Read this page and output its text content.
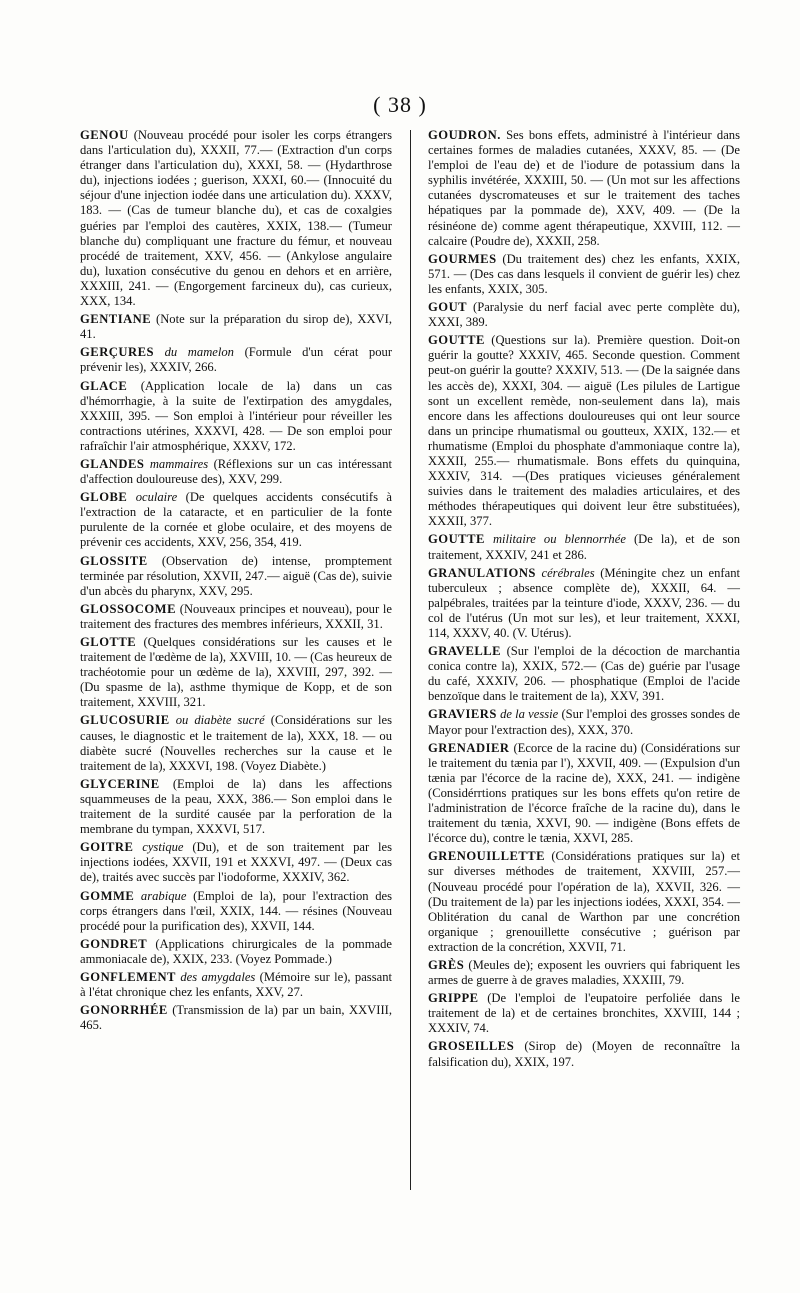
( 38 )

GENOU (Nouveau procédé pour isoler les corps étrangers dans l'articulation du), XXXII, 77.— (Extraction d'un corps étranger dans l'articulation du), XXXI, 58. — (Hydarthrose du), injections iodées ; guerison, XXXI, 60.— (Innocuité du séjour d'une injection iodée dans une articulation du). XXXV, 183. — (Cas de tumeur blanche du), et cas de coxalgies guéries par l'emploi des cautères, XXIX, 138.— (Tumeur blanche du) compliquant une fracture du fémur, et nouveau procédé de traitement, XXV, 456. — (Ankylose angulaire du), luxation consécutive du genou en dehors et en arrière, XXXIII, 241. — (Engorgement farcineux du), cas curieux, XXX, 134.

GENTIANE (Note sur la préparation du sirop de), XXVI, 41.

GERÇURES du mamelon (Formule d'un cérat pour prévenir les), XXXIV, 266.

GLACE (Application locale de la) dans un cas d'hémorrhagie, à la suite de l'extirpation des amygdales, XXXIII, 395. — Son emploi à l'intérieur pour réveiller les contractions utérines, XXXVI, 428. — De son emploi pour rafraîchir l'air atmosphérique, XXXV, 172.

GLANDES mammaires (Réflexions sur un cas intéressant d'affection douloureuse des), XXV, 299.

GLOBE oculaire (De quelques accidents consécutifs à l'extraction de la cataracte, et en particulier de la fonte purulente de la cornée et globe oculaire, et des moyens de prévenir ces accidents, XXV, 256, 354, 419.

GLOSSITE (Observation de) intense, promptement terminée par résolution, XXVII, 247.— aiguë (Cas de), suivie d'un abcès du pharynx, XXV, 295.

GLOSSOCOME (Nouveaux principes et nouveau), pour le traitement des fractures des membres inférieurs, XXXII, 31.

GLOTTE (Quelques considérations sur les causes et le traitement de l'œdème de la), XXVIII, 10. — (Cas heureux de trachéotomie pour un œdème de la), XXVIII, 297, 392. — (Du spasme de la), asthme thymique de Kopp, et de son traitement, XXVIII, 321.

GLUCOSURIE ou diabète sucré (Considérations sur les causes, le diagnostic et le traitement de la), XXX, 18. — ou diabète sucré (Nouvelles recherches sur la cause et le traitement de la), XXXVI, 198. (Voyez Diabète.)

GLYCERINE (Emploi de la) dans les affections squammeuses de la peau, XXX, 386.— Son emploi dans le traitement de la surdité causée par la perforation de la membrane du tympan, XXXVI, 517.

GOITRE cystique (Du), et de son traitement par les injections iodées, XXVII, 191 et XXXVI, 497. — (Deux cas de), traités avec succès par l'iodoforme, XXXIV, 362.

GOMME arabique (Emploi de la), pour l'extraction des corps étrangers dans l'œil, XXIX, 144. — résines (Nouveau procédé pour la purification des), XXVII, 144.

GONDRET (Applications chirurgicales de la pommade ammoniacale de), XXIX, 233. (Voyez Pommade.)

GONFLEMENT des amygdales (Mémoire sur le), passant à l'état chronique chez les enfants, XXV, 27.

GONORRHÉE (Transmission de la) par un bain, XXVIII, 465.

GOUDRON. Ses bons effets, administré à l'intérieur dans certaines formes de maladies cutanées, XXXV, 85. — (De l'emploi de l'eau de) et de l'iodure de potassium dans la syphilis invétérée, XXXIII, 50. — (Un mot sur les affections cutanées dyscromateuses et sur le traitement des taches hépatiques par la pommade de), XXV, 409. — (De la résinéone de) comme agent thérapeutique, XXVIII, 112. — calcaire (Poudre de), XXXII, 258.

GOURMES (Du traitement des) chez les enfants, XXIX, 571. — (Des cas dans lesquels il convient de guérir les) chez les enfants, XXIX, 305.

GOUT (Paralysie du nerf facial avec perte complète du), XXXI, 389.

GOUTTE (Questions sur la). Première question. Doit-on guérir la goutte? XXXIV, 465. Seconde question. Comment peut-on guérir la goutte? XXXIV, 513. — (De la saignée dans les accès de), XXXI, 304. — aiguë (Les pilules de Lartigue sont un excellent remède, non-seulement dans la), mais encore dans les affections douloureuses qui ont leur source dans un principe rhumatismal ou goutteux, XXIX, 132.— et rhumatisme (Emploi du phosphate d'ammoniaque contre la), XXXII, 255.— rhumatismale. Bons effets du quinquina, XXXIV, 314. —(Des pratiques vicieuses généralement suivies dans le traitement des maladies articulaires, et des méthodes thérapeutiques qui doivent leur être substituées), XXXII, 377.

GOUTTE militaire ou blennorrhée (De la), et de son traitement, XXXIV, 241 et 286.

GRANULATIONS cérébrales (Méningite chez un enfant tuberculeux ; absence complète de), XXXII, 64. — palpébrales, traitées par la teinture d'iode, XXXV, 236. — du col de l'utérus (Un mot sur les), et leur traitement, XXXI, 114, XXXV, 40. (V. Utérus).

GRAVELLE (Sur l'emploi de la décoction de marchantia conica contre la), XXIX, 572.— (Cas de) guérie par l'usage du café, XXXIV, 206. — phosphatique (Emploi de l'acide benzoïque dans le traitement de la), XXV, 391.

GRAVIERS de la vessie (Sur l'emploi des grosses sondes de Mayor pour l'extraction des), XXX, 370.

GRENADIER (Ecorce de la racine du) (Considérations sur le traitement du tænia par l'), XXVII, 409. — (Expulsion d'un tænia par l'écorce de la racine de), XXX, 241. — indigène (Considérrtions pratiques sur les bons effets qu'on retire de l'administration de l'écorce fraîche de la racine du), dans le traitement du tænia, XXVI, 90. — indigène (Bons effets de l'écorce du), contre le tænia, XXVI, 285.

GRENOUILLETTE (Considérations pratiques sur la) et sur diverses méthodes de traitement, XXVIII, 257.— (Nouveau procédé pour l'opération de la), XXVII, 326. — (Du traitement de la) par les injections iodées, XXXI, 354. — Oblitération du canal de Warthon par une concrétion organique ; grenouillette consécutive ; guérison par extraction de la concrétion, XXVII, 71.

GRÈS (Meules de); exposent les ouvriers qui fabriquent les armes de guerre à de graves maladies, XXXIII, 79.

GRIPPE (De l'emploi de l'eupatoire perfoliée dans le traitement de la) et de certaines bronchites, XXVIII, 144 ; XXXIV, 74.

GROSEILLES (Sirop de) (Moyen de reconnaître la falsification du), XXIX, 197.
